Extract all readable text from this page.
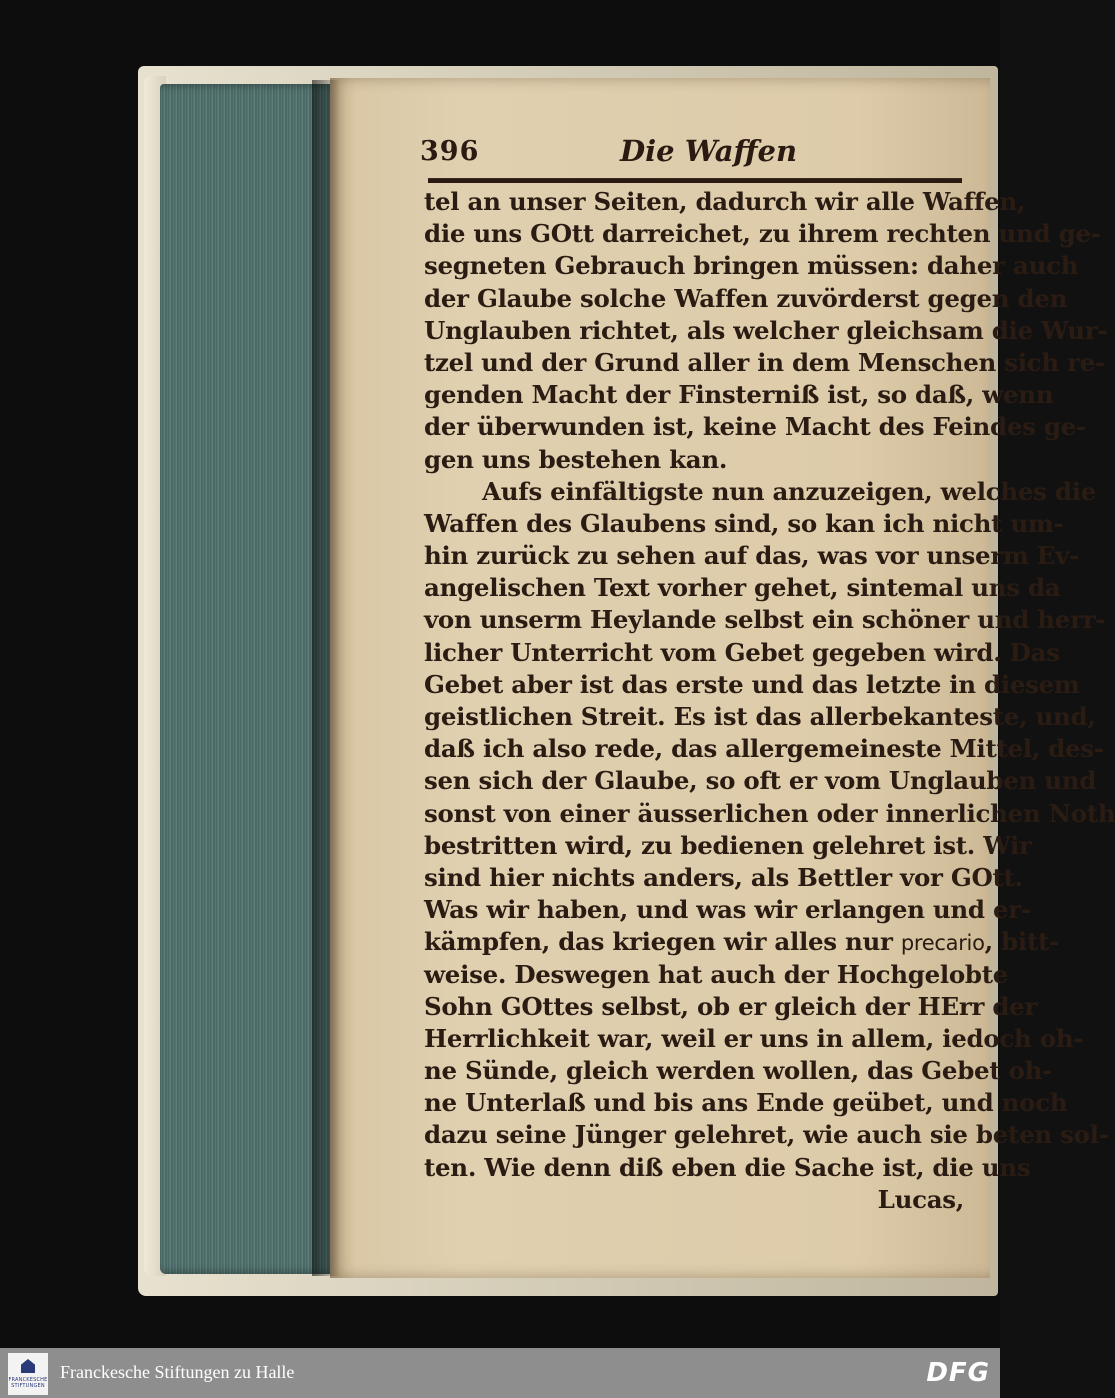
396	Die Waffen
tel an unser Seiten, dadurch wir alle Waffen,
die uns GOtt darreichet, zu ihrem rechten und ge-
segneten Gebrauch bringen müssen: daher auch
der Glaube solche Waffen zuvörderst gegen den
Unglauben richtet, als welcher gleichsam die Wur-
tzel und der Grund aller in dem Menschen sich re-
genden Macht der Finsterniß ist, so daß, wenn
der überwunden ist, keine Macht des Feindes ge-
gen uns bestehen kan.
Aufs einfältigste nun anzuzeigen, welches die
Waffen des Glaubens sind, so kan ich nicht um-
hin zurück zu sehen auf das, was vor unserm Ev-
angelischen Text vorher gehet, sintemal uns da
von unserm Heylande selbst ein schöner und herr-
licher Unterricht vom Gebet gegeben wird. Das
Gebet aber ist das erste und das letzte in diesem
geistlichen Streit. Es ist das allerbekanteste, und,
daß ich also rede, das allergemeineste Mittel, des-
sen sich der Glaube, so oft er vom Unglauben und
sonst von einer äusserlichen oder innerlichen Noth
bestritten wird, zu bedienen gelehret ist. Wir
sind hier nichts anders, als Bettler vor GOtt.
Was wir haben, und was wir erlangen und er-
kämpfen, das kriegen wir alles nur precario, bitt-
weise. Deswegen hat auch der Hochgelobte
Sohn GOttes selbst, ob er gleich der HErr der
Herrlichkeit war, weil er uns in allem, iedoch oh-
ne Sünde, gleich werden wollen, das Gebet oh-
ne Unterlaß und bis ans Ende geübet, und noch
dazu seine Jünger gelehret, wie auch sie beten sol-
ten. Wie denn diß eben die Sache ist, die uns
Lucas,
FRANCKESCHE STIFTUNGEN
Franckesche Stiftungen zu Halle	DFG
